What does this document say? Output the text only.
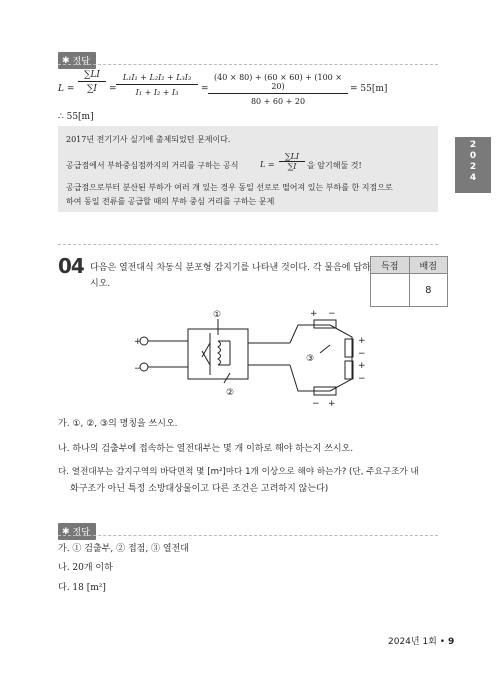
✱ 정답
$L = \frac{\sum LI}{\sum I} = \frac{\text{L₁I₁ + L₂I₂ + L₃I₃}}{\text{I₁ + I₂ + I₃}} = \frac{(40 \times 80) + (60 \times 60) + (100 \times 20)}{80 + 60 + 20} = 55[m]$
∴ 55[m]
2017년 전기기사 실기에 출제되었던 문제이다.
공급점에서 부하중심점까지의 거리를 구하는 공식	$L = \frac{\sum LI}{\sum I}$ 을 암기해둘 것!
공급점으로부터 분산된 부하가 여러 개 있는 경우 동일 선로로 떨어져 있는 부하를 한 지점으로
하여 동일 전류를 공급할 때의 부하 중심 거리를 구하는 문제
2
0
2
4
04 다음은 열전대식 차동식 분포형 감지기를 나타낸 것이다. 각 물음에 답하
시오.
득점	배점
	8
+
−
①
②
③
+ −
+
−
+
−
− +
가. ①, ②, ③의 명칭을 쓰시오.
나. 하나의 검출부에 접속하는 열전대부는 몇 개 이하로 해야 하는지 쓰시오.
다. 열전대부는 감지구역의 바닥면적 몇 [m²]마다 1개 이상으로 해야 하는가? (단, 주요구조가 내
화구조가 아닌 특정 소방대상물이고 다른 조건은 고려하지 않는다)
✱ 정답
가. ① 검출부, ② 접점, ③ 열전대
나. 20개 이하
다. 18 [m²]
2024년 1회 • 9
